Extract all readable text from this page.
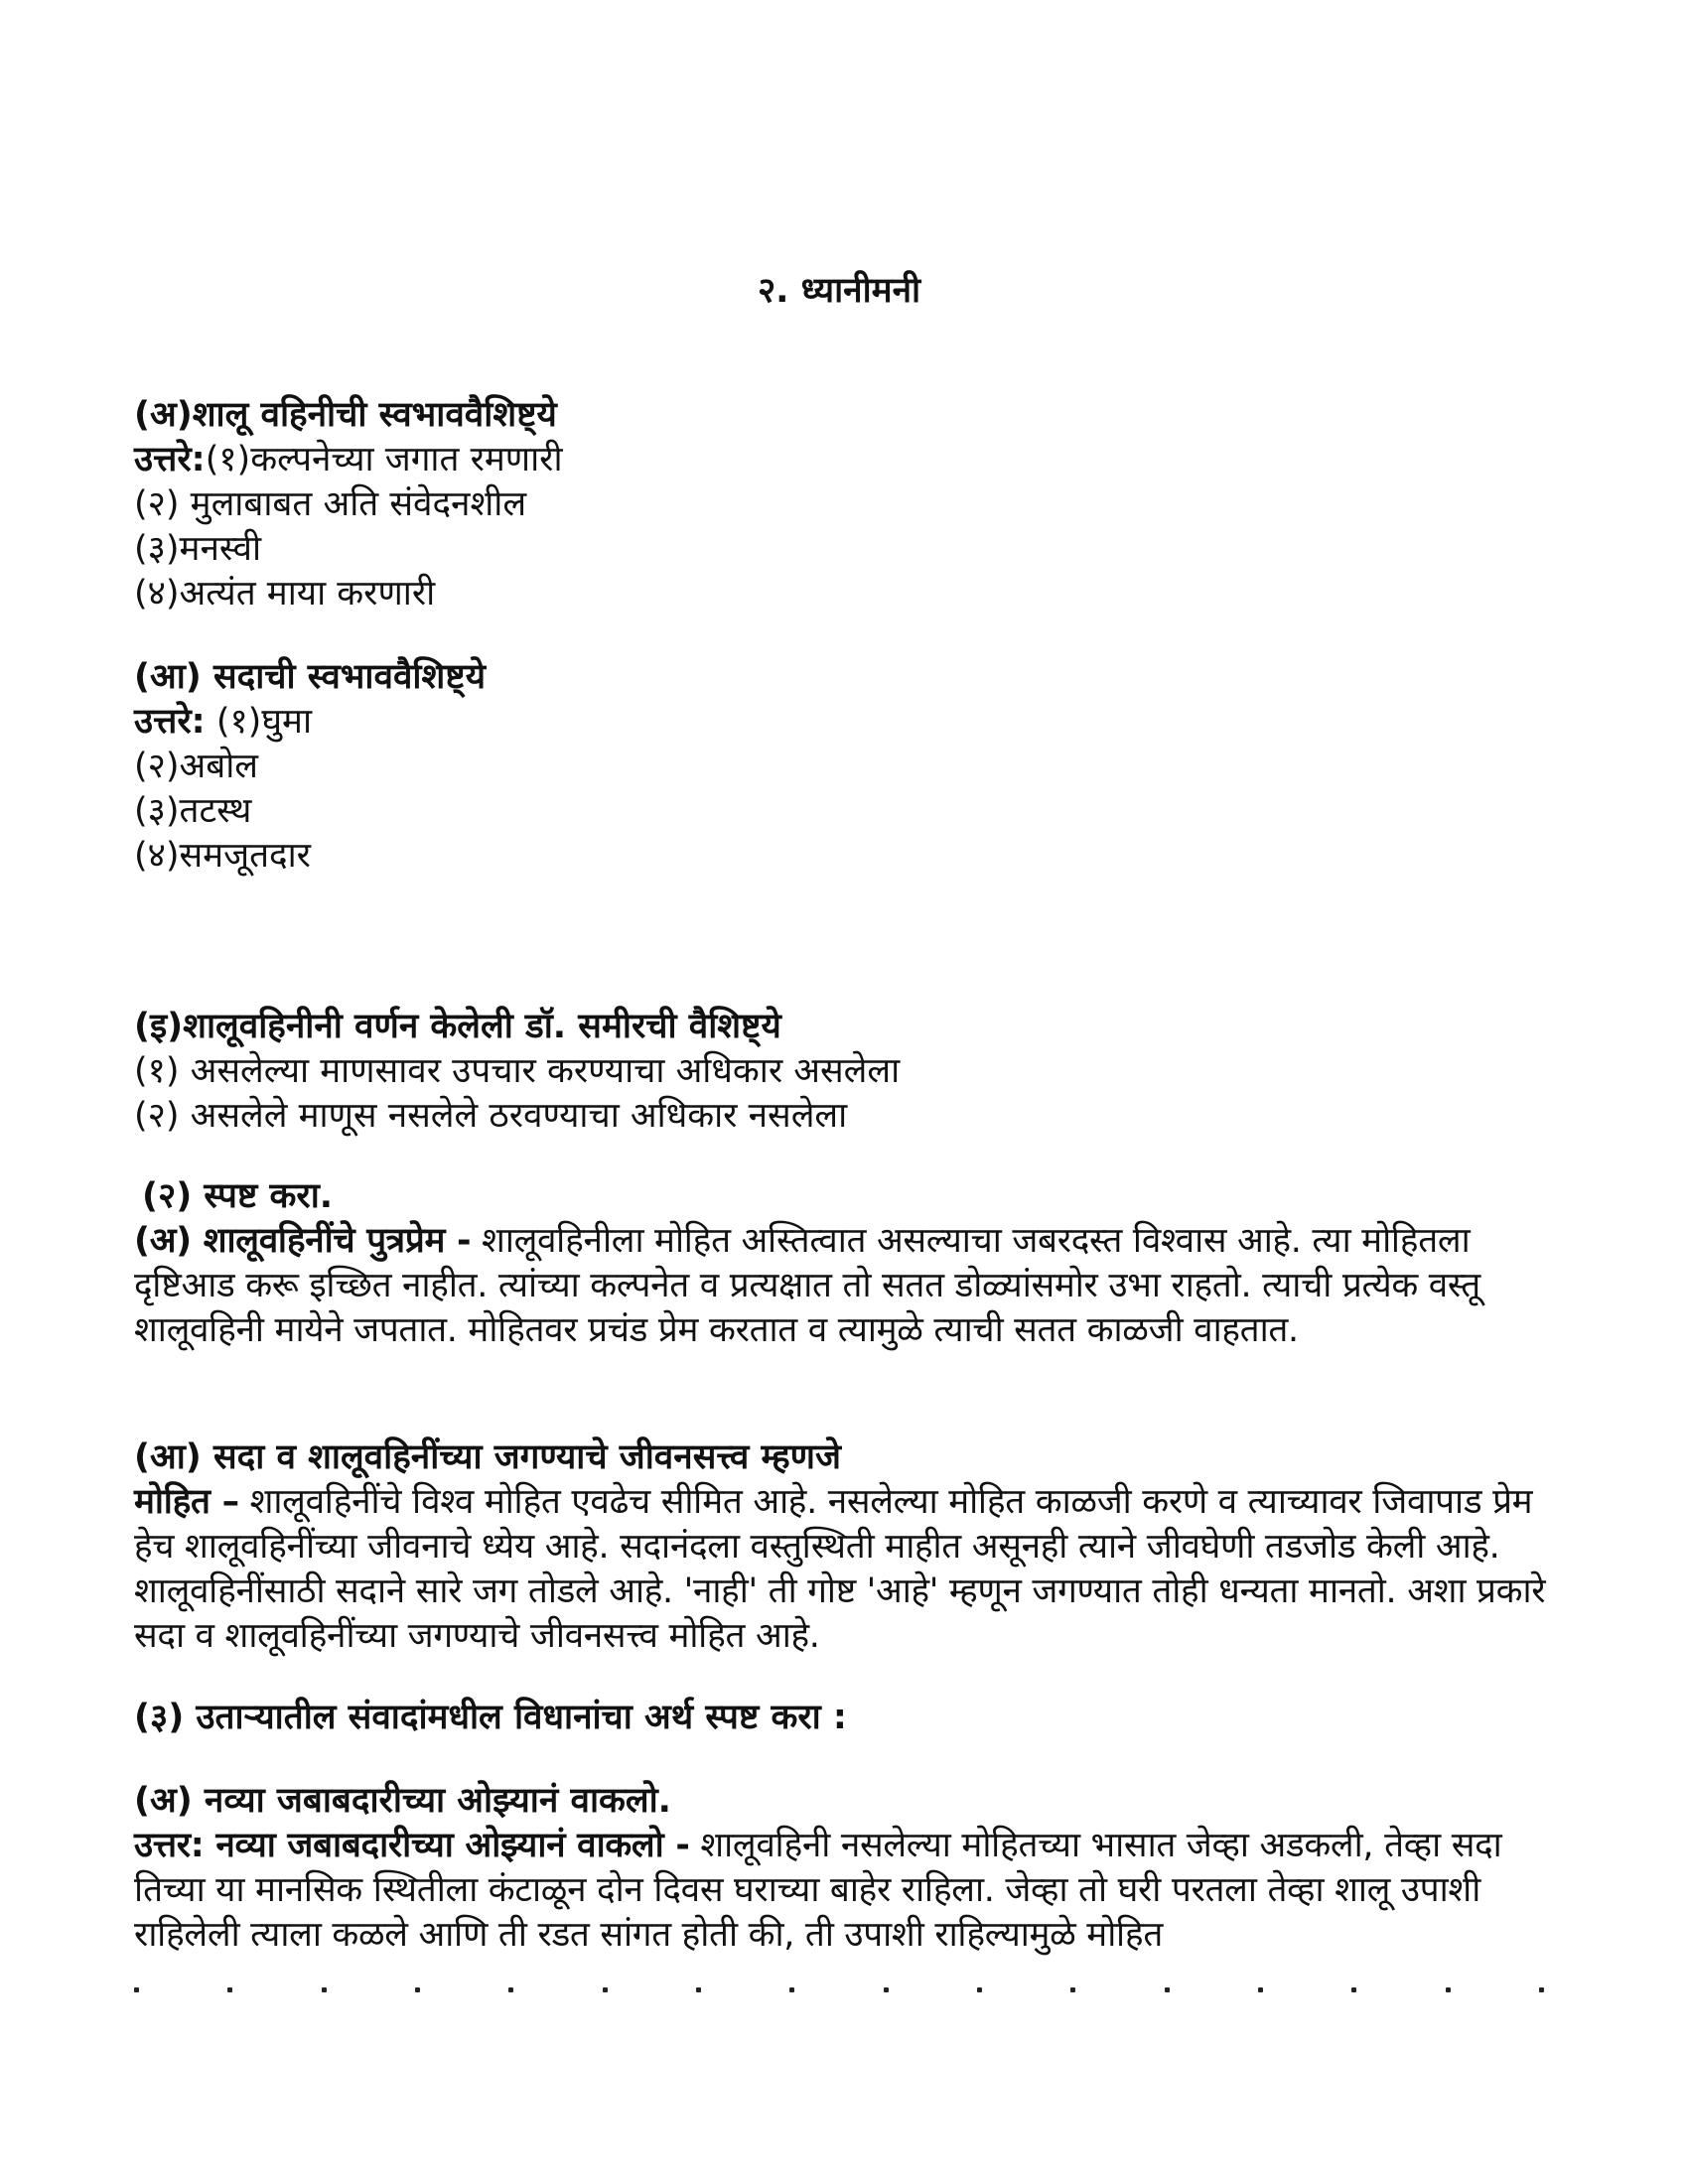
२. ध्यानीमनी

(अ)शालू वहिनीची स्वभाववैशिष्ट्ये

उत्तरे:(१)कल्पनेच्या जगात रमणारी

(२) मुलाबाबत अति संवेदनशील

(३)मनस्वी

(४)अत्यंत माया करणारी

(आ) सदाची स्वभाववैशिष्ट्ये

उत्तरे: (१)घुमा

(२)अबोल

(३)तटस्थ

(४)समजूतदार

(इ)शालूवहिनीनी वर्णन केलेली डॉ. समीरची वैशिष्ट्ये

(१) असलेल्या माणसावर उपचार करण्याचा अधिकार असलेला

(२) असलेले माणूस नसलेले ठरवण्याचा अधिकार नसलेला

(२) स्पष्ट करा.

(अ) शालूवहिनींचे पुत्रप्रेम - शालूवहिनीला मोहित अस्तित्वात असल्याचा जबरदस्त विश्वास आहे. त्या मोहितला दृष्टिआड करू इच्छित नाहीत. त्यांच्या कल्पनेत व प्रत्यक्षात तो सतत डोळ्यांसमोर उभा राहतो. त्याची प्रत्येक वस्तू शालूवहिनी मायेने जपतात. मोहितवर प्रचंड प्रेम करतात व त्यामुळे त्याची सतत काळजी वाहतात.

(आ) सदा व शालूवहिनींच्या जगण्याचे जीवनसत्त्व म्हणजे

मोहित – शालूवहिनींचे विश्व मोहित एवढेच सीमित आहे. नसलेल्या मोहित काळजी करणे व त्याच्यावर जिवापाड प्रेम हेच शालूवहिनींच्या जीवनाचे ध्येय आहे. सदानंदला वस्तुस्थिती माहीत असूनही त्याने जीवघेणी तडजोड केली आहे. शालूवहिनींसाठी सदाने सारे जग तोडले आहे. 'नाही' ती गोष्ट 'आहे' म्हणून जगण्यात तोही धन्यता मानतो. अशा प्रकारे सदा व शालूवहिनींच्या जगण्याचे जीवनसत्त्व मोहित आहे.

(३) उताऱ्यातील संवादांमधील विधानांचा अर्थ स्पष्ट करा :

(अ) नव्या जबाबदारीच्या ओझ्यानं वाकलो.

उत्तर: नव्या जबाबदारीच्या ओझ्यानं वाकलो - शालूवहिनी नसलेल्या मोहितच्या भासात जेव्हा अडकली, तेव्हा सदा तिच्या या मानसिक स्थितीला कंटाळून दोन दिवस घराच्या बाहेर राहिला. जेव्हा तो घरी परतला तेव्हा शालू उपाशी राहिलेली त्याला कळले आणि ती रडत सांगत होती की, ती उपाशी राहिल्यामुळे मोहित
